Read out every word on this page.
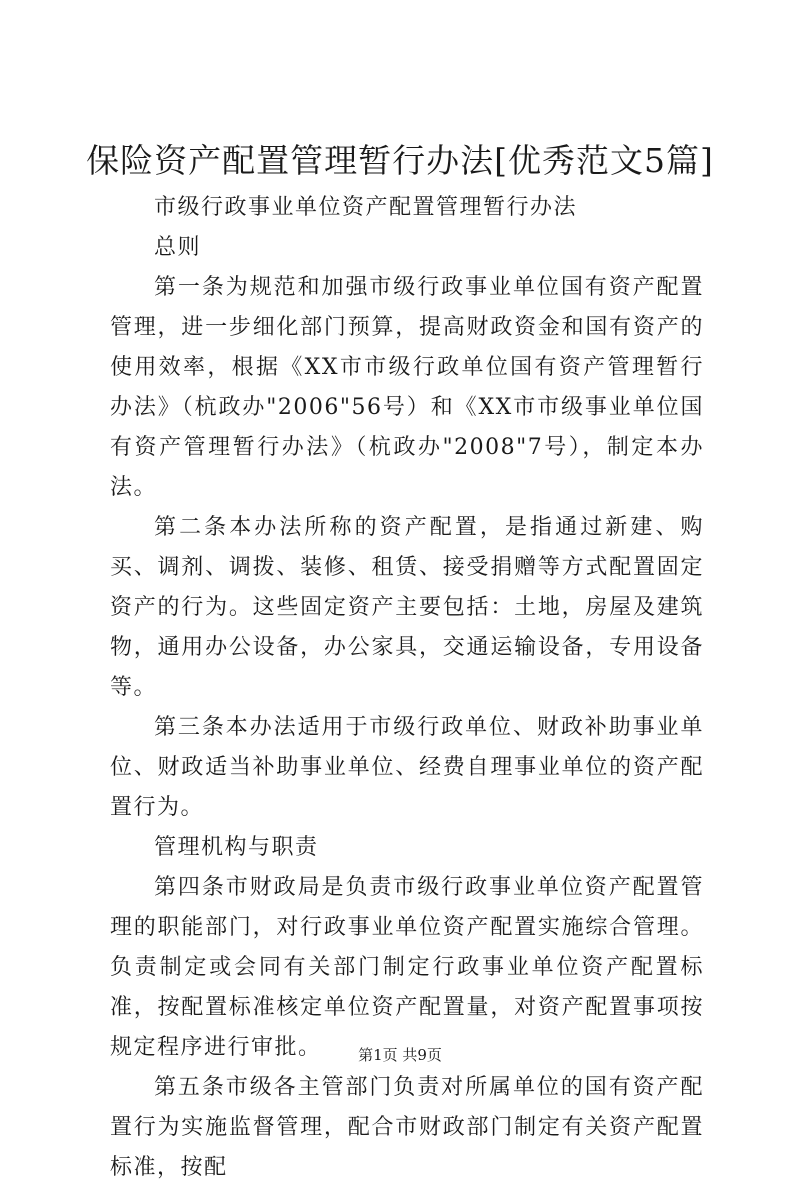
保险资产配置管理暂行办法[优秀范文5篇]

市级行政事业单位资产配置管理暂行办法

总则

第一条为规范和加强市级行政事业单位国有资产配置管理，进一步细化部门预算，提高财政资金和国有资产的使用效率，根据《XX市市级行政单位国有资产管理暂行办法》（杭政办"2006"56号）和《XX市市级事业单位国有资产管理暂行办法》（杭政办"2008"7号），制定本办法。

第二条本办法所称的资产配置，是指通过新建、购买、调剂、调拨、装修、租赁、接受捐赠等方式配置固定资产的行为。这些固定资产主要包括：土地，房屋及建筑物，通用办公设备，办公家具，交通运输设备，专用设备等。

第三条本办法适用于市级行政单位、财政补助事业单位、财政适当补助事业单位、经费自理事业单位的资产配置行为。

管理机构与职责

第四条市财政局是负责市级行政事业单位资产配置管理的职能部门，对行政事业单位资产配置实施综合管理。负责制定或会同有关部门制定行政事业单位资产配置标准，按配置标准核定单位资产配置量，对资产配置事项按规定程序进行审批。

第五条市级各主管部门负责对所属单位的国有资产配置行为实施监督管理，配合市财政部门制定有关资产配置标准，按配

第1页 共9页
